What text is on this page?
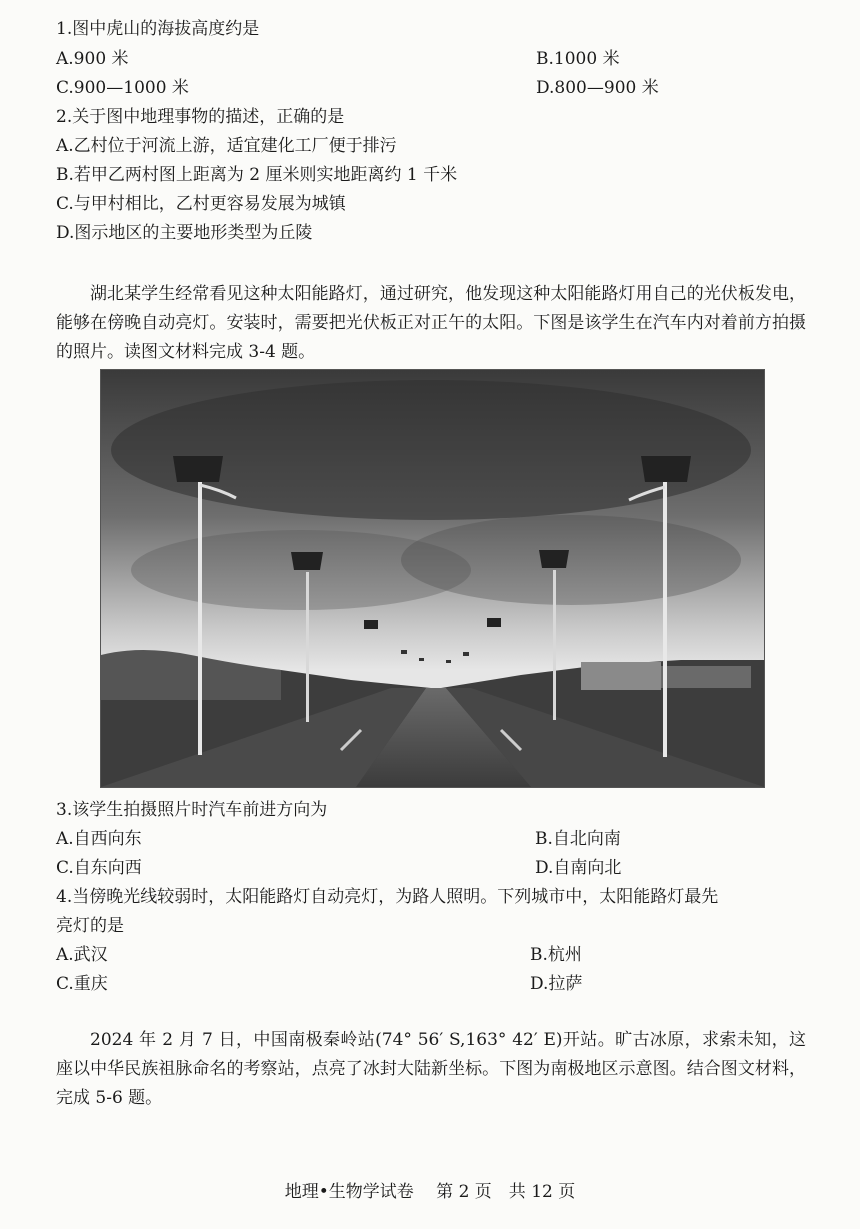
1.图中虎山的海拔高度约是
A.900 米	B.1000 米
C.900—1000 米	D.800—900 米
2.关于图中地理事物的描述，正确的是
A.乙村位于河流上游，适宜建化工厂便于排污
B.若甲乙两村图上距离为 2 厘米则实地距离约 1 千米
C.与甲村相比，乙村更容易发展为城镇
D.图示地区的主要地形类型为丘陵
湖北某学生经常看见这种太阳能路灯，通过研究，他发现这种太阳能路灯用自己的光伏板发电，能够在傍晚自动亮灯。安装时，需要把光伏板正对正午的太阳。下图是该学生在汽车内对着前方拍摄的照片。读图文材料完成 3-4 题。
3.该学生拍摄照片时汽车前进方向为
A.自西向东	B.自北向南
C.自东向西	D.自南向北
4.当傍晚光线较弱时，太阳能路灯自动亮灯，为路人照明。下列城市中，太阳能路灯最先
亮灯的是
A.武汉	B.杭州
C.重庆	D.拉萨
2024 年 2 月 7 日，中国南极秦岭站(74° 56′ S,163° 42′ E)开站。旷古冰原，求索未知，这座以中华民族祖脉命名的考察站，点亮了冰封大陆新坐标。下图为南极地区示意图。结合图文材料，完成 5-6 题。
地理•生物学试卷　 第 2 页　共 12 页
